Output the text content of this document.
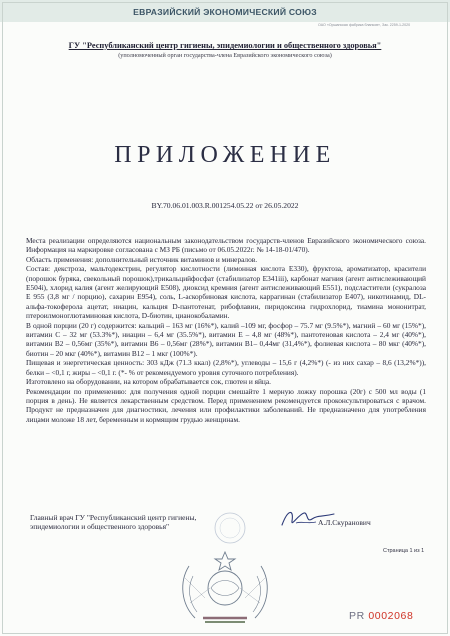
ЕВРАЗИЙСКИЙ ЭКОНОМИЧЕСКИЙ СОЮЗ
ОАО «Оршанская фабрика бланков», Зак. 2259-1-2020
ГУ "Республиканский центр гигиены, эпидемиологии и общественного здоровья"
(уполномоченный орган государства-члена Евразийского экономического союза)
ПРИЛОЖЕНИЕ
BY.70.06.01.003.R.001254.05.22 от 26.05.2022

Места реализации определяются национальным законодательством государств-членов Евразийского экономического союза. Информация на маркировке согласована с МЗ РБ (письмо от 06.05.2022г. № 14-18-01/470).

Область применения: дополнительный источник витаминов и минералов.

Состав: декстроза, мальтодекстрин, регулятор кислотности (лимонная кислота Е330), фруктоза, ароматизатор, красители (порошок буряка, свекольный порошок),трикальцийфосфат (стабилизатор Е341iii), карбонат магния (агент антислеживающий Е504i), хлорид калия (агент желирующий Е508), диоксид кремния (агент антислеживающий Е551), подсластители (сукралоза Е 955 (3,8 мг / порцию), сахарин Е954), соль, L-аскорбиновая кислота, каррагинан (стабилизатор Е407), никотинамид, DL-альфа-токоферола ацетат, ниацин, кальция D-пантотенат, рибофлавин, пиридоксина гидрохлорид, тиамина мононитрат, птероилмоноглютаминовая кислота, D-биотин, цианокобаламин.

В одной порции (20 г) содержится: кальций – 163 мг (16%*), калий –109 мг, фосфор – 75.7 мг (9.5%*), магний – 60 мг (15%*), витамин С – 32 мг (53.3%*), ниацин – 6,4 мг (35.5%*), витамин Е – 4,8 мг (48%*), пантотеновая кислота – 2,4 мг (40%*), витамин В2 – 0,56мг (35%*), витамин В6 – 0,56мг (28%*), витамин В1– 0,44мг (31,4%*), фолиевая кислота – 80 мкг (40%*), биотин – 20 мкг (40%*), витамин В12 – 1 мкг (100%*).

Пищевая и энергетическая ценность: 303 кДж (71.3 ккал) (2,8%*), углеводы – 15,6 г (4,2%*) (- из них сахар – 8,6 (13,2%*)), белки – <0,1 г, жиры – <0,1 г. (*- % от рекомендуемого уровня суточного потребления).

Изготовлено на оборудовании, на котором обрабатывается сок, глютен и яйца.

Рекомендации по применению: для получения одной порции смешайте 1 мерную ложку порошка (20г) с 500 мл воды (1 порция в день). Не является лекарственным средством. Перед применением рекомендуется проконсультироваться с врачом. Продукт не предназначен для диагностики, лечения или профилактики заболеваний. Не предназначено для употребления лицами моложе 18 лет, беременным и кормящим грудью женщинам.

Главный врач ГУ "Республиканский центр гигиены, эпидемиологии и общественного здоровья"	А.Л.Скуранович
Страница 1 из 1
PR 0002068
